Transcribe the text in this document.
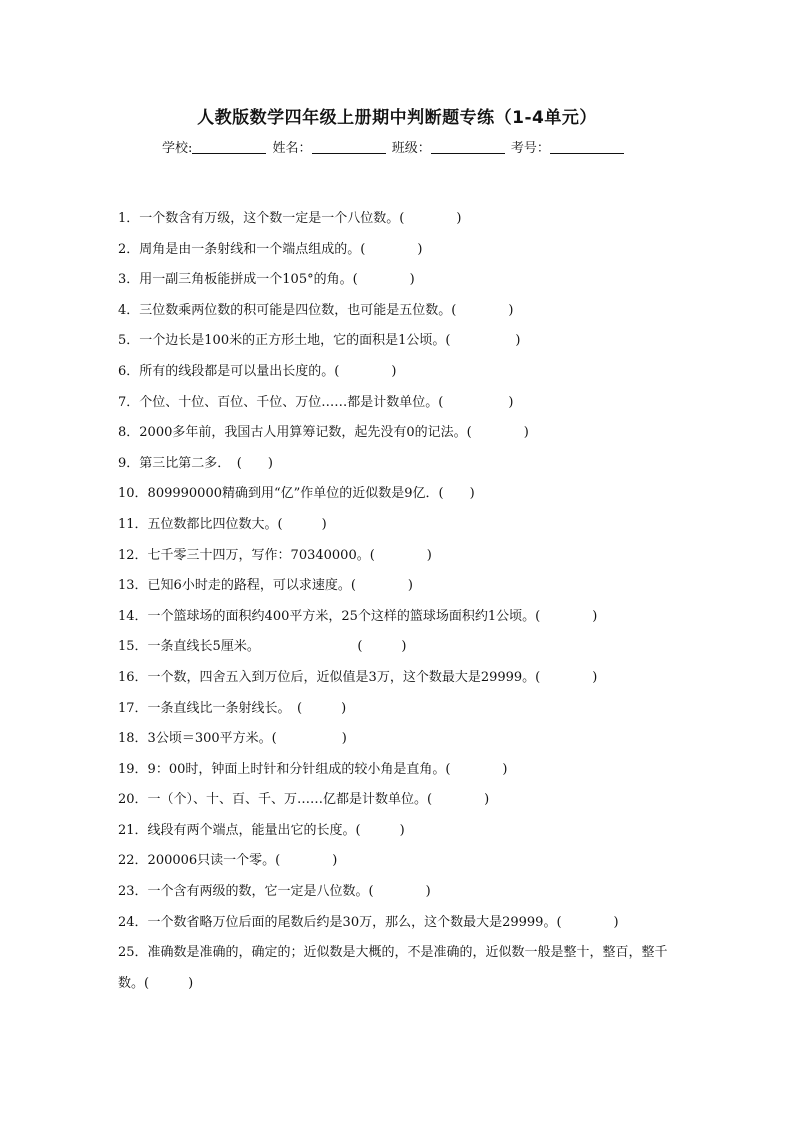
人教版数学四年级上册期中判断题专练（1-4单元）
学校:	姓名：	班级：	考号：
1．一个数含有万级，这个数一定是一个八位数。(　　　　)
2．周角是由一条射线和一个端点组成的。(　　　　)
3．用一副三角板能拼成一个105°的角。(　　　　)
4．三位数乘两位数的积可能是四位数，也可能是五位数。(　　　　)
5．一个边长是100米的正方形土地，它的面积是1公顷。(　　　　　)
6．所有的线段都是可以量出长度的。(　　　　)
7．个位、十位、百位、千位、万位……都是计数单位。(　　　　　)
8．2000多年前，我国古人用算筹记数，起先没有0的记法。(　　　　)
9．第三比第二多．　(　　)
10．809990000精确到用“亿”作单位的近似数是9亿．(　　)
11．五位数都比四位数大。(　　　)
12．七千零三十四万，写作：70340000。(　　　　)
13．已知6小时走的路程，可以求速度。(　　　　)
14．一个篮球场的面积约400平方米，25个这样的篮球场面积约1公顷。(　　　　)
15．一条直线长5厘米。　　　　　　　　(　　　)
16．一个数，四舍五入到万位后，近似值是3万，这个数最大是29999。(　　　　)
17．一条直线比一条射线长。　(　　　)
18．3公顷＝300平方米。(　　　　　)
19．9：00时，钟面上时针和分针组成的较小角是直角。(　　　　)
20．一（个）、十、百、千、万……亿都是计数单位。(　　　　)
21．线段有两个端点，能量出它的长度。(　　　)
22．200006只读一个零。(　　　　)
23．一个含有两级的数，它一定是八位数。(　　　　)
24．一个数省略万位后面的尾数后约是30万，那么，这个数最大是29999。(　　　　)
25．准确数是准确的，确定的；近似数是大概的，不是准确的，近似数一般是整十，整百，整千数。(　　　)
